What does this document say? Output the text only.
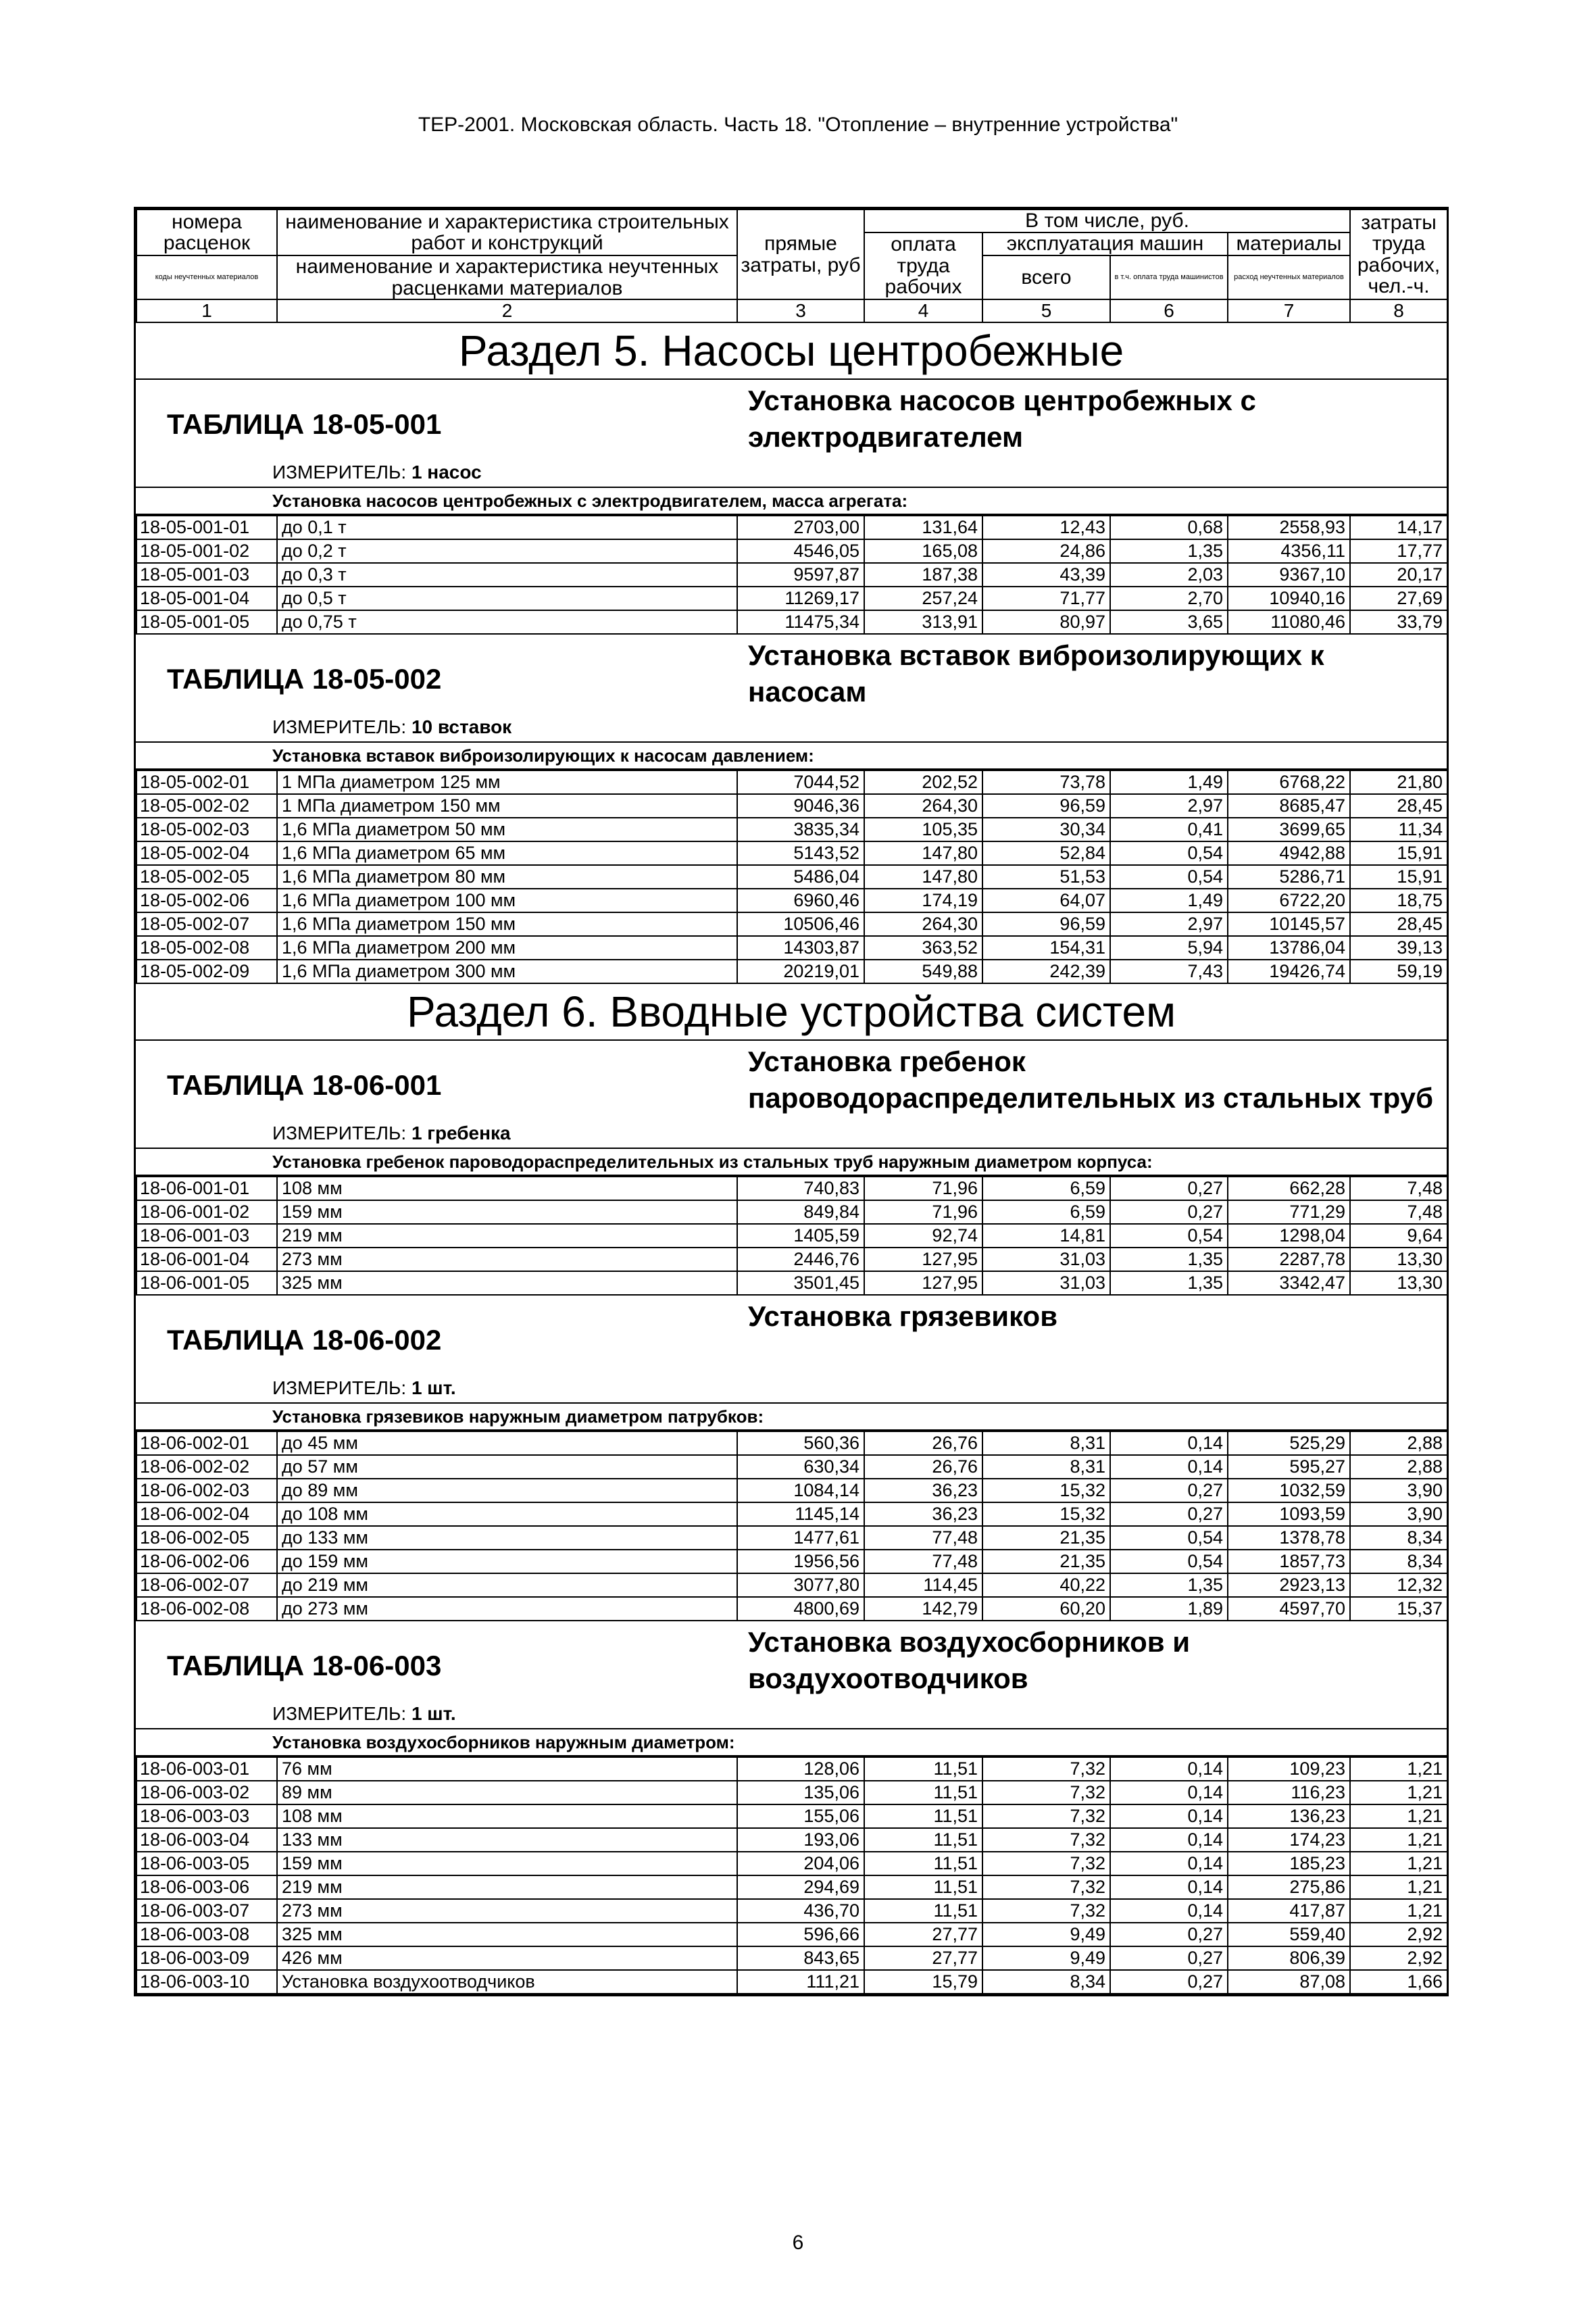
ТЕР-2001. Московская область. Часть 18. "Отопление – внутренние устройства"
номера расценок	наименование и характеристика строительных работ и конструкций	прямые затраты, руб	В том числе, руб.				затраты труда рабочих, чел.-ч.
			оплата труда рабочих	эксплуатация машин		материалы	
коды неучтенных материалов	наименование и характеристика неучтенных расценками материалов			всего	в т.ч. оплата труда машинистов	расход неучтенных материалов	

1	2	3	4	5	6	7	8
Раздел 5. Насосы центробежные
ТАБЛИЦА 18-05-001
Установка насосов центробежных с электродвигателем
ИЗМЕРИТЕЛЬ: 1 насос
Установка насосов центробежных с электродвигателем, масса агрегата:
18-05-001-01	до 0,1 т	2703,00	131,64	12,43	0,68	2558,93	14,17
18-05-001-02	до 0,2 т	4546,05	165,08	24,86	1,35	4356,11	17,77
18-05-001-03	до 0,3 т	9597,87	187,38	43,39	2,03	9367,10	20,17
18-05-001-04	до 0,5 т	11269,17	257,24	71,77	2,70	10940,16	27,69
18-05-001-05	до 0,75 т	11475,34	313,91	80,97	3,65	11080,46	33,79
ТАБЛИЦА 18-05-002
Установка вставок виброизолирующих к насосам
ИЗМЕРИТЕЛЬ: 10 вставок
Установка вставок виброизолирующих к насосам давлением:
18-05-002-01	1 МПа диаметром 125 мм	7044,52	202,52	73,78	1,49	6768,22	21,80
18-05-002-02	1 МПа диаметром 150 мм	9046,36	264,30	96,59	2,97	8685,47	28,45
18-05-002-03	1,6 МПа диаметром 50 мм	3835,34	105,35	30,34	0,41	3699,65	11,34
18-05-002-04	1,6 МПа диаметром 65 мм	5143,52	147,80	52,84	0,54	4942,88	15,91
18-05-002-05	1,6 МПа диаметром 80 мм	5486,04	147,80	51,53	0,54	5286,71	15,91
18-05-002-06	1,6 МПа диаметром 100 мм	6960,46	174,19	64,07	1,49	6722,20	18,75
18-05-002-07	1,6 МПа диаметром 150 мм	10506,46	264,30	96,59	2,97	10145,57	28,45
18-05-002-08	1,6 МПа диаметром 200 мм	14303,87	363,52	154,31	5,94	13786,04	39,13
18-05-002-09	1,6 МПа диаметром 300 мм	20219,01	549,88	242,39	7,43	19426,74	59,19
Раздел 6. Вводные устройства систем
ТАБЛИЦА 18-06-001
Установка гребенок пароводораспределительных из стальных труб
ИЗМЕРИТЕЛЬ: 1 гребенка
Установка гребенок пароводораспределительных из стальных труб наружным диаметром корпуса:
18-06-001-01	108 мм	740,83	71,96	6,59	0,27	662,28	7,48
18-06-001-02	159 мм	849,84	71,96	6,59	0,27	771,29	7,48
18-06-001-03	219 мм	1405,59	92,74	14,81	0,54	1298,04	9,64
18-06-001-04	273 мм	2446,76	127,95	31,03	1,35	2287,78	13,30
18-06-001-05	325 мм	3501,45	127,95	31,03	1,35	3342,47	13,30
ТАБЛИЦА 18-06-002
Установка грязевиков
ИЗМЕРИТЕЛЬ: 1 шт.
Установка грязевиков наружным диаметром патрубков:
18-06-002-01	до 45 мм	560,36	26,76	8,31	0,14	525,29	2,88
18-06-002-02	до 57 мм	630,34	26,76	8,31	0,14	595,27	2,88
18-06-002-03	до 89 мм	1084,14	36,23	15,32	0,27	1032,59	3,90
18-06-002-04	до 108 мм	1145,14	36,23	15,32	0,27	1093,59	3,90
18-06-002-05	до 133 мм	1477,61	77,48	21,35	0,54	1378,78	8,34
18-06-002-06	до 159 мм	1956,56	77,48	21,35	0,54	1857,73	8,34
18-06-002-07	до 219 мм	3077,80	114,45	40,22	1,35	2923,13	12,32
18-06-002-08	до 273 мм	4800,69	142,79	60,20	1,89	4597,70	15,37
ТАБЛИЦА 18-06-003
Установка воздухосборников и воздухоотводчиков
ИЗМЕРИТЕЛЬ: 1 шт.
Установка воздухосборников наружным диаметром:
18-06-003-01	76 мм	128,06	11,51	7,32	0,14	109,23	1,21
18-06-003-02	89 мм	135,06	11,51	7,32	0,14	116,23	1,21
18-06-003-03	108 мм	155,06	11,51	7,32	0,14	136,23	1,21
18-06-003-04	133 мм	193,06	11,51	7,32	0,14	174,23	1,21
18-06-003-05	159 мм	204,06	11,51	7,32	0,14	185,23	1,21
18-06-003-06	219 мм	294,69	11,51	7,32	0,14	275,86	1,21
18-06-003-07	273 мм	436,70	11,51	7,32	0,14	417,87	1,21
18-06-003-08	325 мм	596,66	27,77	9,49	0,27	559,40	2,92
18-06-003-09	426 мм	843,65	27,77	9,49	0,27	806,39	2,92
18-06-003-10	Установка воздухоотводчиков	111,21	15,79	8,34	0,27	87,08	1,66
6
